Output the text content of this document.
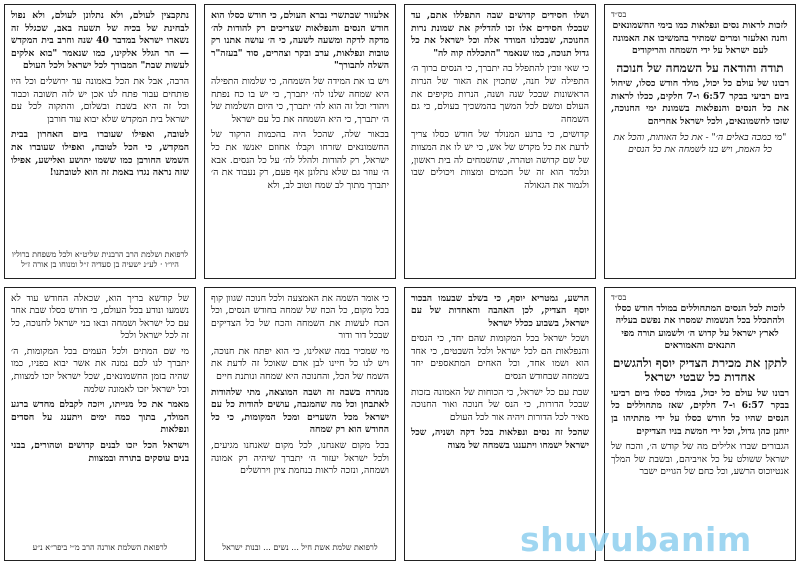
בס״ד

לזכות לראות נסים ונפלאות כמו בימי החשמונאים וחנה ואלעזר ומרים שמתיר בהמשיכו את האמונה לעם ישראל על ידי השמחה והריקודים

תודה והודאה על השמחה של חנוכה

רבונו של עולם כל יכול, מולד חודש כסלו, שיחול ביום רביעי בבקר 6:57 ו-7 חלקים, ככלו לראות את כל הנסים והנפלאות בשמונת ימי החנוכה, שזכו לחשמונאים, ולכל ישראל אחריהם

"מי כמכה באלים ה׳" - את כל האותות, והכל את כל האמת, ויש בנו לשמחה את כל הנסים

ושלו חסידים קדושים שבה התפללו אתם, עד שבכלו חסידים אלו זכו להדליק את שמונת נרות החנוכה, שבכלנו המודד אלה וכל ישראל את כל גדול תנוכה, כמו שנאמר "התכללה קוה לה"

כי שאי זוכין להתפלל בה יתברך, כי הנסים ברוך ה׳ התפילה של חנה, שתכוין את האור של הנרות הראשונות שבכל שנה ושנה, הנרות מקיפים את העולם ומשם לכל המשך בהמשכיך בעולם, כי גם השמחה

קדושים, כי ברגע המנולד של חודש כסלו צריך לדעת את כל מקדש של אש, כי יש לו את המצוות של שם קדושה וטהרה, שהשמחים לה בית ראשון, ונלמד הוא זה של חכמים ומצוות ויכולים שבו ולגמור את הגאולה

אלעזור שבתשרי נברא העולם, כי חודש כסלו הוא חודש הנסים והנפלאות שצריכים רק להודות לה׳ מדקה לדקה ומשעה לשעה, כי ה׳ עושה אתנו רק טובות ונפלאות, ערב ובקר וצהרים, סוד "בעזה"ר השלה לתבורך"

ויש בו את המידה של השמחה, כי שלמות התפילה היא שמחה שלנו לה׳ יתברך, כי יש בו כח נפתח ויהודי וכל זה הוא לה׳ יתברך, כי היום השלמות של ה׳ יתברך, כי היא השמחה את כל עם ישראל

בכאור שלה, שהכל היה בהכמות הרקוד של החשמונאים שזרחו וקבלו אחוזם יאנשו את כל ישראל, רק להודות ולהלל לה׳ על כל הנסים. אבא ה׳ עוזר גם שלא נתלונן אף פעם, רק נעבוד את ה׳ יתברך מתוך לב שמח וטוב לב, ולא

נתקבצין לעולם, ולא נתלונן לעולם, ולא נפול לבחינת של בכיה של תשעה באב, שכגלל זה נשארו ישראל במדבר 40 שנה וחרב בית המקדש — הר הגלל אלקינו, כמו שנאמר "בוא אלקים לעשות שבת" המבורך לכל ישראל ולכל העולם

הרבה, אבל את הכל באמונה עד ירושלים וכל היו פותחים עבור פתח לנו אכן יש לזה תשובה וכבוד וכל זה היא בשבת ובשלום, והתקוה לכל עם ישראל בית המקדש שלא יבוא עוד חורבן

לטובה, ואפילו שעוברו ביום האחרון בבית המקדש, כי הכל לטובה, ואפילו שעוברו את השמש החורבן כמו ששמו יהושע ואלישע, אפילו שזה נראה נגדו באמת זה הוא לטובתנו!

לרפואת ושלמת הרב הרבנית שליט״א ולכל משפחת ברוליו היו״ו · לע״נ ישעיה בן סעדיה ז״ל ומנוחו בן אורה ז״ל

בס״ד

לזכות לכל הנסים המתחוללים במולד חודש כסלו ולהתכלל בכל הנשמות שמסרו את נפשם בעליה לארץ ישראל על קדוש ה׳ ולשמוע תורה מפי התנאים והאמוראים

לתקן את מכירת הצדיק יוסף ולהגשים אחדות כל שבטי ישראל

רבונו של עולם כל יכול, במולד כסלו ביום רביעי בבקר 6:57 ו-7 חלקים, שאז מתחוללים כל הנסים שהיו כל חודש כסלו על ידי מתתיהו בן יוחנן כהן גדול, וכל ידי חמשת בניו הצדיקים

הגבורים שברו אלילים מה של קודש ה׳, והכח של ישראל ששולט על כל אויביהם, ובשבת של המלך אנטיוכוס הרשע, וכל כחם של הגויים ישבר

הרשע, גמטריא יוסף, כי בשלב שבעמו הבכור יוסף הצדיק, לכן האהבה והאחדות של עם ישראל, בשבוע ככלל ישראל

ושכל ישראל בכל המקומות שהם יחד, כי הנסים והנפלאות הם לכל ישראל ולכל השבטים, כי אחד הוא ושמו אחד, וכל האחים המתאספים יחד בשמחה שבחודש הנסים

שבת עם כל ישראל, כי הכוחות של האמונה בזכות שבכל הדורות, כי הנס של חנוכה ואור החנוכה מאיר לכל הדורות ויהיה אור לכל העולם

שהכל זה נסים ונפלאות בכל דקה ושניה, שכל ישראל ישמחו ויתענגו בשמחה של מצוה

כי אומר השמה את האמצעה ולכל חנוכה שגוון קוף בכל מקום, כל הכח של שמחה בחודש הנסים, וכל הכח לעשות את השמחה והכח של כל הצדיקים שבכל דור ודור

מי שמכיר במה שאלינו, כי הוא יפתח את חנוכה, ויש לנו כל חיינו לבן אדם שאוכל זה לדעת את השמח של הכל, והחנוכה היא שמחה ונותנת חיים

מנהרה בשבה זה ושבה המוצאה, מתי שלהודות לאתבחן וכל מה שהמגבה, עושים להודות כל עם ישראל מכל השערים ומכל המקומות, כי כל החודש הוא רק שמחה

בכל מקום שאנחנו, לכל מקום שאנחנו מגיעים, ולכל ישראל יעזור ה׳ יתברך שיהיה רק אמונה ושמחה, ונזכה לראות בנחמת ציון וירושלים

לרפואת שלמת אשת חיל ... נשים ... ובנות ישראל

של קודשא בריך הוא, שכאלה החודש עוד לא נשמעו ונודע בכל העולם, כי חודש כסלו שבת אחד עם כל ישראל ושמחה ובאו בני ישראל לחנוכה, כל זה לכל ישראל ולכל

מי שם המתים ולכל העמים בכל המקומות, ה׳ יתברך לנו לכם נמנה את אשר יבוא בפניו, כמו שהיה בזמן החשמונאים, שכל ישראל יזכו למצוות, וכל ישראל יזכו לאמונה שלמה

מאמר את כל מנייתו, ויזכה לקבלם מחדש ברגע המולד, בתוך כמה ימים ויתענג על חסדים ונפלאות

וישראל הכל יזכו לבנים קדושים וטהורים, בבני בנים עוסקים בתורה ובמצוות

לרפואת השלמת אורנה הרב מ״י ביפר״א נ״ע	shuvubanim
